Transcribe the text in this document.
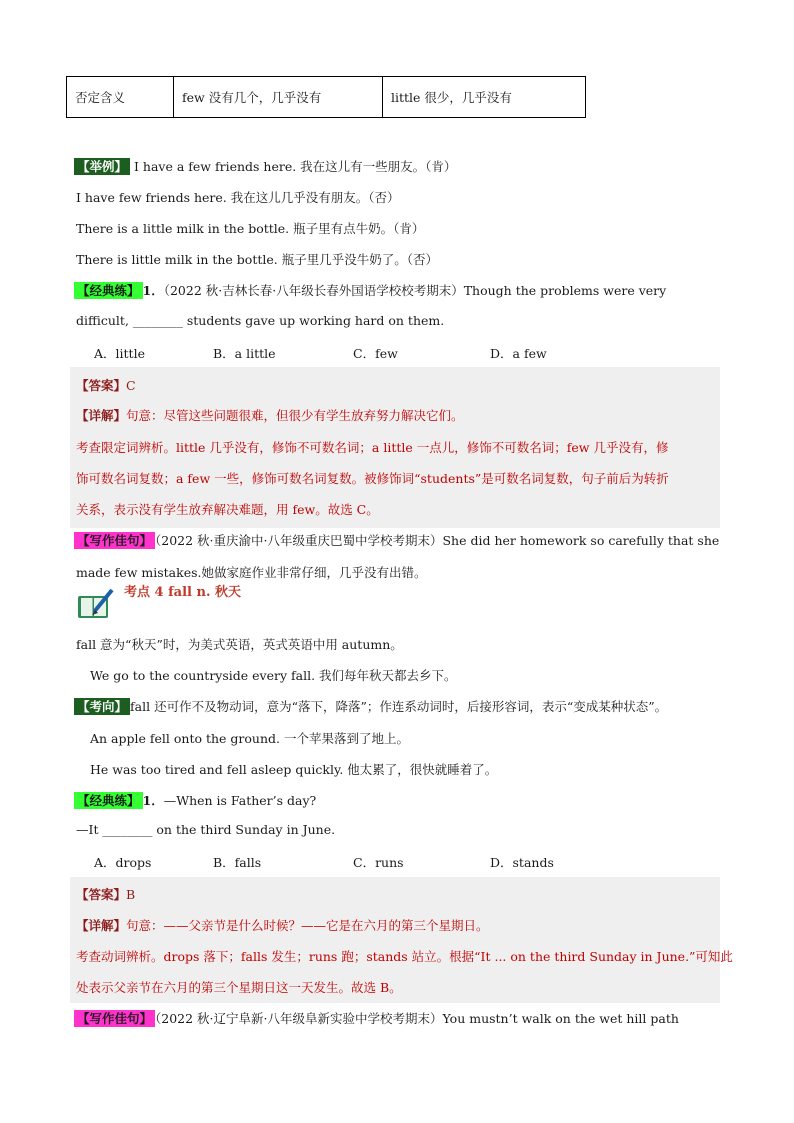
否定含义	few 没有几个，几乎没有	little 很少，几乎没有
【举例】 I have a few friends here. 我在这儿有一些朋友。（肯）
I have few friends here. 我在这儿几乎没有朋友。（否）
There is a little milk in the bottle. 瓶子里有点牛奶。（肯）
There is little milk in the bottle. 瓶子里几乎没牛奶了。（否）
【经典练】 1．（2022 秋·吉林长春·八年级长春外国语学校校考期末）Though the problems were very
difficult, ________ students gave up working hard on them.
A．little	B．a little	C．few	D．a few
【答案】C
【详解】句意：尽管这些问题很难，但很少有学生放弃努力解决它们。
考查限定词辨析。little 几乎没有，修饰不可数名词；a little 一点儿，修饰不可数名词；few 几乎没有，修
饰可数名词复数；a few 一些，修饰可数名词复数。被修饰词“students”是可数名词复数，句子前后为转折
关系，表示没有学生放弃解决难题，用 few。故选 C。
【写作佳句】 （2022 秋·重庆渝中·八年级重庆巴蜀中学校考期末）She did her homework so carefully that she
made few mistakes.她做家庭作业非常仔细，几乎没有出错。
考点 4 fall n. 秋天
fall 意为“秋天”时，为美式英语，英式英语中用 autumn。
We go to the countryside every fall. 我们每年秋天都去乡下。
【考向】 fall 还可作不及物动词，意为“落下，降落”；作连系动词时，后接形容词，表示“变成某种状态”。
An apple fell onto the ground. 一个苹果落到了地上。
He was too tired and fell asleep quickly. 他太累了，很快就睡着了。
【经典练】 1．—When is Father’s day?
—It ________ on the third Sunday in June.
A．drops	B．falls	C．runs	D．stands
【答案】B
【详解】句意：——父亲节是什么时候？——它是在六月的第三个星期日。
考查动词辨析。drops 落下；falls 发生；runs 跑；stands 站立。根据“It ... on the third Sunday in June.”可知此
处表示父亲节在六月的第三个星期日这一天发生。故选 B。
【写作佳句】 （2022 秋·辽宁阜新·八年级阜新实验中学校考期末）You mustn’t walk on the wet hill path
